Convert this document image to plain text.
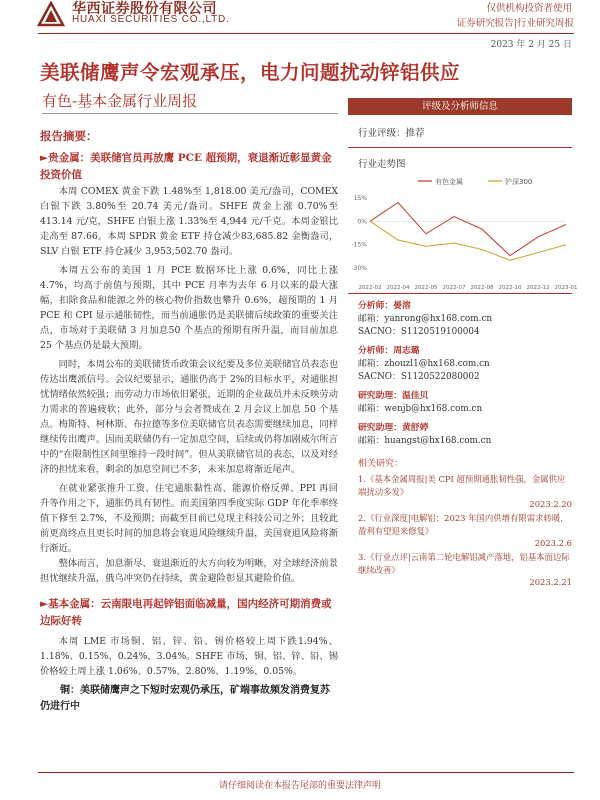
华西证券股份有限公司
HUAXI SECURITIES CO.,LTD.
仅供机构投资者使用
证券研究报告|行业研究周报
2023 年 2 月 25 日
美联储鹰声令宏观承压，电力问题扰动锌铝供应
有色-基本金属行业周报
报告摘要：
►贵金属：美联储官员再放鹰 PCE 超预期，衰退渐近彰显黄金投资价值

本周 COMEX 黄金下跌 1.48%至 1,818.00 美元/盎司，COMEX 白银下跌 3.80%至 20.74 美元/盎司。SHFE 黄金上涨 0.70%至 413.14 元/克，SHFE 白银上涨 1.33%至 4,944 元/千克。本周金银比走高至 87.66。本周 SPDR 黄金 ETF 持仓减少83,685.82 金衡盎司，SLV 白银 ETF 持仓减少 3,953,502.70 盎司。

本周五公布的美国 1 月 PCE 数据环比上涨 0.6%，同比上涨 4.7%，均高于前值与预期，其中 PCE 月率为去年 6 月以来的最大涨幅，扣除食品和能源之外的核心物价指数也攀升 0.6%，超预期的 1 月 PCE 和 CPI 显示通胀韧性，而当前通胀仍是美联储后续政策的重要关注点，市场对于美联储 3 月加息50 个基点的预期有所升温，而目前加息 25 个基点仍是最大预期。

同时，本周公布的美联储货币政策会议纪要及多位美联储官员表态也传达出鹰派信号。会议纪要显示，通胀仍高于 2%的目标水平，对通胀担忧情绪依然较强；而劳动力市场依旧紧张，近期的企业裁员并未反映劳动力需求的普遍疲软；此外，部分与会者赞成在 2 月会议上加息 50 个基点。梅斯特、柯林斯、布拉德等多位美联储官员表态需要继续加息，同样继续传出鹰声。因而美联储仍有一定加息空间，后续或仍将加剧威尔所言中的“在限制性区间里维持一段时间”。但从美联储官员的表态，以及对经济的担忧来看，剩余的加息空间已不多，未来加息将渐近尾声。

在就业紧张推升工资、住宅通胀黏性高、能源价格反弹、PPI 再回升等作用之下，通胀仍具有韧性。而美国第四季度实际 GDP 年化季率终值下修至 2.7%，不及预期；而截至目前已兑现主科技公司之外；且较此前更高终点且更长时间的加息将会衰退风险继续升温，美国衰退风险将渐行渐近。

整体而言，加息渐尽、衰退渐近的大方向较为明晰，对全球经济前景担忧继续升温，俄乌冲突仍在持续，黄金避险彰显其避险价值。

►基本金属：云南限电再起锌铝面临减量，国内经济可期消费或边际好转

本周 LME 市场铜、铝、锌、铅、锡价格较上周下跌1.94%、1.18%、0.15%、0.24%、3.04%。SHFE 市场，铜、铝、锌、铅、锡价格较上周上涨 1.06%、0.57%、2.80%、1.19%、0.05%。

铜：美联储鹰声之下短时宏观仍承压，矿端事故频发消费复苏仍进行中
评级及分析师信息
行业评级：推荐
行业走势图
有色金属	沪深300
-30%
-15%
0%
15%
2022-02 2022-04 2022-05 2022-07 2022-08 2022-10 2022-12 2023-01
分析师：晏溶
邮箱：yanrong@hx168.com.cn
SACNO：S1120519100004
分析师：周志璐
邮箱：zhouzl1@hx168.com.cn
SACNO：S1120522080002
研究助理：温佳贝
邮箱：wenjb@hx168.com.cn
研究助理：黄舒婷
邮箱：huangst@hx168.com.cn
相关研究：
1.《基本金属周报|美 CPI 超预期通胀韧性强，金属供应端扰动多发》
2023.2.20
2.《行业深度|电解铝：2023 年国内供增有限需求转暖，盈利有望迎来修复》
2023.2.6
3.《行业点评|云南第二轮电解铝减产落地，铝基本面边际继续改善》
2023.2.21
请仔细阅读在本报告尾部的重要法律声明
